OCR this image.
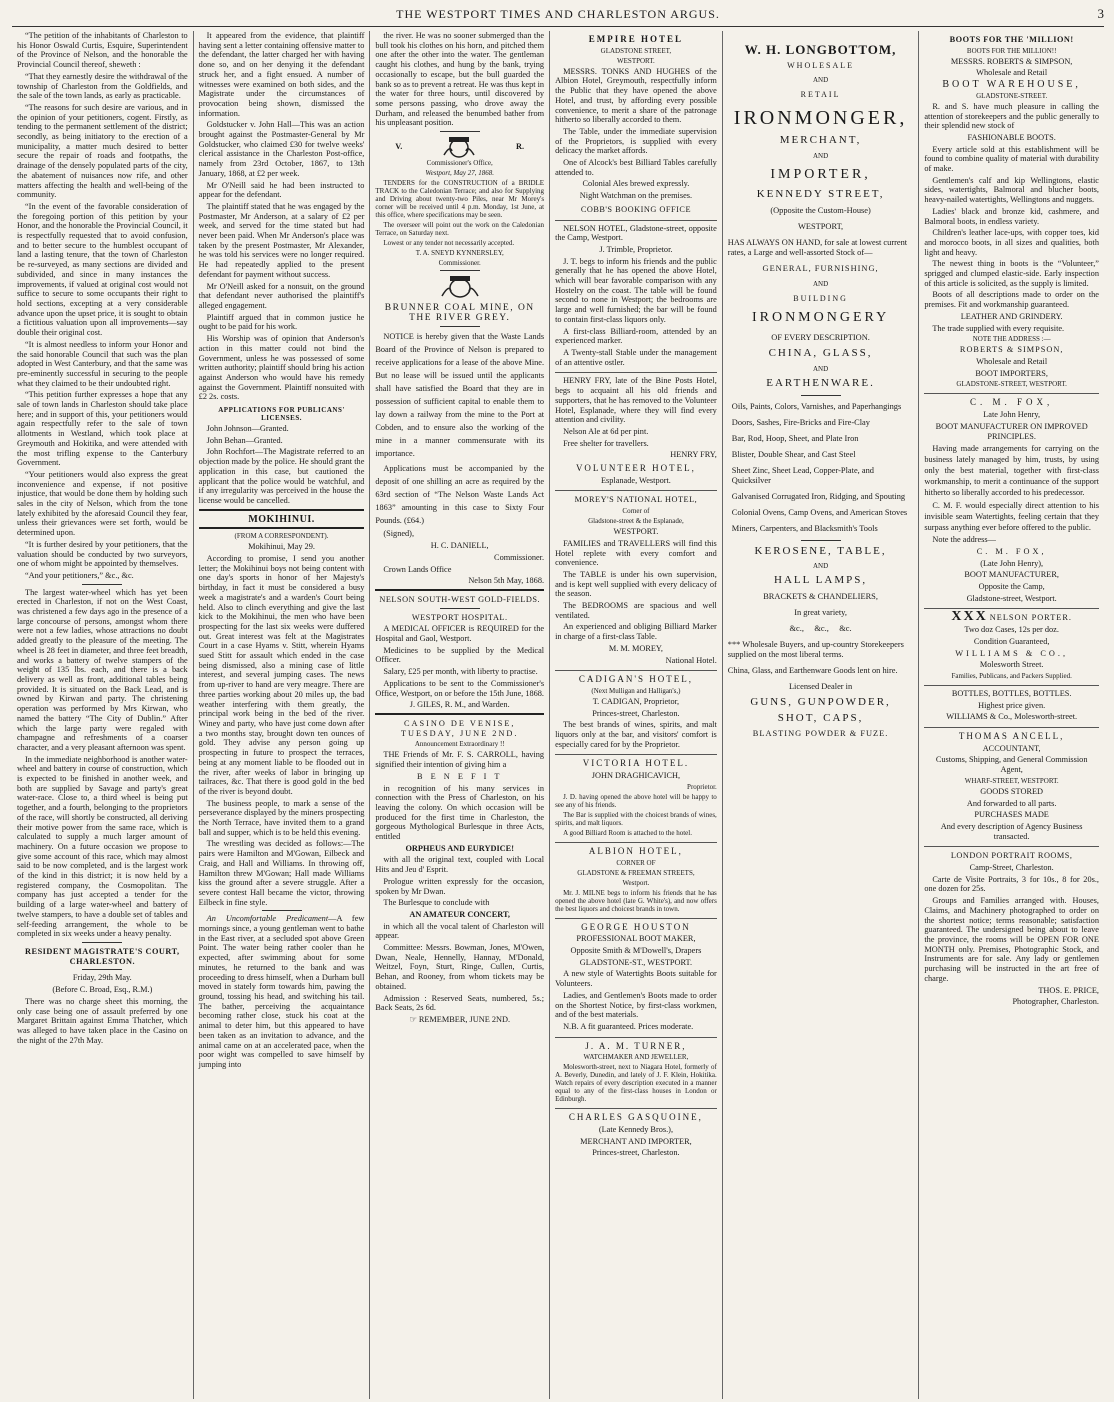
THE WESTPORT TIMES AND CHARLESTON ARGUS.	3

“The petition of the inhabitants of Charleston to his Honor Oswald Curtis, Esquire, Superintendent of the Province of Nelson, and the honorable the Provincial Council thereof, sheweth :

“That they earnestly desire the withdrawal of the township of Charleston from the Goldfields, and the sale of the town lands, as early as practicable.

“The reasons for such desire are various, and in the opinion of your petitioners, cogent. Firstly, as tending to the permanent settlement of the district; secondly, as being initiatory to the erection of a municipality, a matter much desired to better secure the repair of roads and footpaths, the drainage of the densely populated parts of the city, the abatement of nuisances now rife, and other matters affecting the health and well-being of the community.

“In the event of the favorable consideration of the foregoing portion of this petition by your Honor, and the honorable the Provincial Council, it is respectfully requested that to avoid confusion, and to better secure to the humblest occupant of land a lasting tenure, that the town of Charleston be re-surveyed, as many sections are divided and subdivided, and since in many instances the improvements, if valued at original cost would not suffice to secure to some occupants their right to hold sections, excepting at a very considerable advance upon the upset price, it is sought to obtain a fictitious valuation upon all improvements—say double their original cost.

“It is almost needless to inform your Honor and the said honorable Council that such was the plan adopted in West Canterbury, and that the same was pre-eminently successful in securing to the people what they claimed to be their undoubted right.

“This petition further expresses a hope that any sale of town lands in Charleston should take place here; and in support of this, your petitioners would again respectfully refer to the sale of town allotments in Westland, which took place at Greymouth and Hokitika, and were attended with the most trifling expense to the Canterbury Government.

“Your petitioners would also express the great inconvenience and expense, if not positive injustice, that would be done them by holding such sales in the city of Nelson, which from the tone lately exhibited by the aforesaid Council they fear, unless their grievances were set forth, would be determined upon.

“It is further desired by your petitioners, that the valuation should be conducted by two surveyors, one of whom might be appointed by themselves.

“And your petitioners,” &c., &c.

The largest water-wheel which has yet been erected in Charleston, if not on the West Coast, was christened a few days ago in the presence of a large concourse of persons, amongst whom there were not a few ladies, whose attractions no doubt added greatly to the pleasure of the meeting. The wheel is 28 feet in diameter, and three feet breadth, and works a battery of twelve stampers of the weight of 135 lbs. each, and there is a back delivery as well as front, additional tables being provided. It is situated on the Back Lead, and is owned by Kirwan and party. The christening operation was performed by Mrs Kirwan, who named the battery “The City of Dublin.” After which the large party were regaled with champagne and refreshments of a coarser character, and a very pleasant afternoon was spent.

In the immediate neighborhood is another water-wheel and battery in course of construction, which is expected to be finished in another week, and both are supplied by Savage and party's great water-race. Close to, a third wheel is being put together, and a fourth, belonging to the proprietors of the race, will shortly be constructed, all deriving their motive power from the same race, which is calculated to supply a much larger amount of machinery. On a future occasion we propose to give some account of this race, which may almost said to be now completed, and is the largest work of the kind in this district; it is now held by a registered company, the Cosmopolitan. The company has just accepted a tender for the building of a large water-wheel and battery of twelve stampers, to have a double set of tables and self-feeding arrangement, the whole to be completed in six weeks under a heavy penalty.

RESIDENT MAGISTRATE'S COURT, CHARLESTON.

Friday, 29th May.

(Before C. Broad, Esq., R.M.)

There was no charge sheet this morning, the only case being one of assault preferred by one Margaret Brittain against Emma Thatcher, which was alleged to have taken place in the Casino on the night of the 27th May.

It appeared from the evidence, that plaintiff having sent a letter containing offensive matter to the defendant, the latter charged her with having done so, and on her denying it the defendant struck her, and a fight ensued. A number of witnesses were examined on both sides, and the Magistrate under the circumstances of provocation being shown, dismissed the information.

Goldstucker v. John Hall—This was an action brought against the Postmaster-General by Mr Goldstucker, who claimed £30 for twelve weeks' clerical assistance in the Charleston Post-office, namely from 23rd October, 1867, to 13th January, 1868, at £2 per week.

Mr O'Neill said he had been instructed to appear for the defendant.

The plaintiff stated that he was engaged by the Postmaster, Mr Anderson, at a salary of £2 per week, and served for the time stated but had never been paid. When Mr Anderson's place was taken by the present Postmaster, Mr Alexander, he was told his services were no longer required. He had repeatedly applied to the present defendant for payment without success.

Mr O'Neill asked for a nonsuit, on the ground that defendant never authorised the plaintiff's alleged engagement.

Plaintiff argued that in common justice he ought to be paid for his work.

His Worship was of opinion that Anderson's action in this matter could not bind the Government, unless he was possessed of some written authority; plaintiff should bring his action against Anderson who would have his remedy against the Government. Plaintiff nonsuited with £2 2s. costs.

APPLICATIONS FOR PUBLICANS' LICENSES.

John Johnson—Granted.

John Behan—Granted.

John Rochfort—The Magistrate referred to an objection made by the police. He should grant the application in this case, but cautioned the applicant that the police would be watchful, and if any irregularity was perceived in the house the license would be cancelled.

MOKIHINUI.

(FROM A CORRESPONDENT).

Mokihinui, May 29.

According to promise, I send you another letter; the Mokihinui boys not being content with one day's sports in honor of her Majesty's birthday, in fact it must be considered a busy week a magistrate's and a warden's Court being held. Also to clinch everything and give the last kick to the Mokihinui, the men who have been prospecting for the last six weeks were duffered out. Great interest was felt at the Magistrates Court in a case Hyams v. Stitt, wherein Hyams sued Stitt for assault which ended in the case being dismissed, also a mining case of little interest, and several jumping cases. The news from up-river to hand are very meagre. There are three parties working about 20 miles up, the bad weather interfering with them greatly, the principal work being in the bed of the river. Winey and party, who have just come down after a two months stay, brought down ten ounces of gold. They advise any person going up prospecting in future to prospect the terraces, being at any moment liable to be flooded out in the river, after weeks of labor in bringing up tailraces, &c. That there is good gold in the bed of the river is beyond doubt.

The business people, to mark a sense of the perseverance displayed by the miners prospecting the North Terrace, have invited them to a grand ball and supper, which is to be held this evening.

The wrestling was decided as follows:—The pairs were Hamilton and M'Gowan, Eilbeck and Craig, and Hall and Williams. In throwing off, Hamilton threw M'Gowan; Hall made Williams kiss the ground after a severe struggle. After a severe contest Hall became the victor, throwing Eilbeck in fine style.

An Uncomfortable Predicament—A few mornings since, a young gentleman went to bathe in the East river, at a secluded spot above Green Point. The water being rather cooler than he expected, after swimming about for some minutes, he returned to the bank and was proceeding to dress himself, when a Durham bull moved in stately form towards him, pawing the ground, tossing his head, and switching his tail. The bather, perceiving the acquaintance becoming rather close, stuck his coat at the animal to deter him, but this appeared to have been taken as an invitation to advance, and the animal came on at an accelerated pace, when the poor wight was compelled to save himself by jumping into

the river. He was no sooner submerged than the bull took his clothes on his horn, and pitched them one after the other into the water. The gentleman caught his clothes, and hung by the bank, trying occasionally to escape, but the bull guarded the bank so as to prevent a retreat. He was thus kept in the water for three hours, until discovered by some persons passing, who drove away the Durham, and released the benumbed bather from his unpleasant position.

V.	R.

Commissioner's Office,

Westport, May 27, 1868.

TENDERS for the CONSTRUCTION of a BRIDLE TRACK to the Caledonian Terrace; and also for Supplying and Driving about twenty-two Piles, near Mr Morey's corner will be received until 4 p.m. Monday, 1st June, at this office, where specifications may be seen.

The overseer will point out the work on the Caledonian Terrace, on Saturday next.

Lowest or any tender not necessarily accepted.

T. A. SNEYD KYNNERSLEY,

Commissioner.

BRUNNER COAL MINE, ON THE RIVER GREY.

NOTICE is hereby given that the Waste Lands Board of the Province of Nelson is prepared to receive applications for a lease of the above Mine. But no lease will be issued until the applicants shall have satisfied the Board that they are in possession of sufficient capital to enable them to lay down a railway from the mine to the Port at Cobden, and to ensure also the working of the mine in a manner commensurate with its importance.

Applications must be accompanied by the deposit of one shilling an acre as required by the 63rd section of “The Nelson Waste Lands Act 1863” amounting in this case to Sixty Four Pounds. (£64.)

(Signed),

H. C. DANIELL,

Commissioner.

Crown Lands Office

Nelson 5th May, 1868.

NELSON SOUTH-WEST GOLD-FIELDS.
WESTPORT HOSPITAL.

A MEDICAL OFFICER is REQUIRED for the Hospital and Gaol, Westport.

Medicines to be supplied by the Medical Officer.

Salary, £25 per month, with liberty to practise.

Applications to be sent to the Commissioner's Office, Westport, on or before the 15th June, 1868.

J. GILES, R. M., and Warden.

CASINO DE VENISE, TUESDAY, JUNE 2ND.

Announcement Extraordinary !!

THE Friends of Mr. F. S. CARROLL, having signified their intention of giving him a

B E N E F I T

in recognition of his many services in connection with the Press of Charleston, on his leaving the colony. On which occasion will be produced for the first time in Charleston, the gorgeous Mythological Burlesque in three Acts, entitled

ORPHEUS AND EURYDICE!

with all the original text, coupled with Local Hits and Jeu d' Esprit.

Prologue written expressly for the occasion, spoken by Mr Dwan.

The Burlesque to conclude with

AN AMATEUR CONCERT,

in which all the vocal talent of Charleston will appear.

Committee: Messrs. Bowman, Jones, M'Owen, Dwan, Neale, Hennelly, Hannay, M'Donald, Weitzel, Foyn, Sturt, Ringe, Cullen, Curtis, Behan, and Rooney, from whom tickets may be obtained.

Admission : Reserved Seats, numbered, 5s.; Back Seats, 2s 6d.

☞ REMEMBER, JUNE 2ND.

EMPIRE HOTEL

GLADSTONE STREET,

WESTPORT.

MESSRS. TONKS AND HUGHES of the Albion Hotel, Greymouth, respectfully inform the Public that they have opened the above Hotel, and trust, by affording every possible convenience, to merit a share of the patronage hitherto so liberally accorded to them.

The Table, under the immediate supervision of the Proprietors, is supplied with every delicacy the market affords.

One of Alcock's best Billiard Tables carefully attended to.

Colonial Ales brewed expressly.

Night Watchman on the premises.

COBB'S BOOKING OFFICE

NELSON HOTEL, Gladstone-street, opposite the Camp, Westport.

J. Trimble, Proprietor.

J. T. begs to inform his friends and the public generally that he has opened the above Hotel, which will bear favorable comparison with any Hostelry on the coast. The table will be found second to none in Westport; the bedrooms are large and well furnished; the bar will be found to contain first-class liquors only.

A first-class Billiard-room, attended by an experienced marker.

A Twenty-stall Stable under the management of an attentive ostler.

HENRY FRY, late of the Bine Posts Hotel, begs to acquaint all his old friends and supporters, that he has removed to the Volunteer Hotel, Esplanade, where they will find every attention and civility.

Nelson Ale at 6d per pint.

Free shelter for travellers.

HENRY FRY,

VOLUNTEER HOTEL,

Esplanade, Westport.

MOREY'S NATIONAL HOTEL,

Corner of

Gladstone-street & the Esplanade,

WESTPORT.

FAMILIES and TRAVELLERS will find this Hotel replete with every comfort and convenience.

The TABLE is under his own supervision, and is kept well supplied with every delicacy of the season.

The BEDROOMS are spacious and well ventilated.

An experienced and obliging Billiard Marker in charge of a first-class Table.

M. M. MOREY,

National Hotel.

CADIGAN'S HOTEL,

(Next Mulligan and Halligan's,)

T. CADIGAN, Proprietor,

Princes-street, Charleston.

The best brands of wines, spirits, and malt liquors only at the bar, and visitors' comfort is especially cared for by the Proprietor.

VICTORIA HOTEL.

JOHN DRAGHICAVICH,

Proprietor.

J. D. having opened the above hotel will be happy to see any of his friends.

The Bar is supplied with the choicest brands of wines, spirits, and malt liquors.

A good Billiard Room is attached to the hotel.

ALBION HOTEL,

CORNER OF

GLADSTONE & FREEMAN STREETS,

Westport.

Mr. J. MILNE begs to inform his friends that he has opened the above hotel (late G. White's), and now offers the best liquors and choicest brands in town.

GEORGE HOUSTON

PROFESSIONAL BOOT MAKER,

Opposite Smith & M'Dowell's, Drapers

GLADSTONE-ST., WESTPORT.

A new style of Watertights Boots suitable for Volunteers.

Ladies, and Gentlemen's Boots made to order on the Shortest Notice, by first-class workmen, and of the best materials.

N.B. A fit guaranteed. Prices moderate.

J. A. M. TURNER,

WATCHMAKER AND JEWELLER,

Molesworth-street, next to Niagara Hotel, formerly of A. Beverly, Dunedin, and lately of J. F. Klein, Hokitika. Watch repairs of every description executed in a manner equal to any of the first-class houses in London or Edinburgh.

CHARLES GASQUOINE,

(Late Kennedy Bros.),

MERCHANT AND IMPORTER,

Princes-street, Charleston.

W. H. LONGBOTTOM,
WHOLESALE
AND
RETAIL
IRONMONGER,
MERCHANT,
AND
IMPORTER,
KENNEDY STREET,
(Opposite the Custom-House)
WESTPORT,
HAS ALWAYS ON HAND, for sale at lowest current rates, a Large and well-assorted Stock of—
GENERAL, FURNISHING,
AND
BUILDING
IRONMONGERY
OF EVERY DESCRIPTION.
CHINA, GLASS,
AND
EARTHENWARE.
Oils, Paints, Colors, Varnishes, and Paperhangings
Doors, Sashes, Fire-Bricks and Fire-Clay
Bar, Rod, Hoop, Sheet, and Plate Iron
Blister, Double Shear, and Cast Steel
Sheet Zinc, Sheet Lead, Copper-Plate, and Quicksilver
Galvanised Corrugated Iron, Ridging, and Spouting
Colonial Ovens, Camp Ovens, and American Stoves
Miners, Carpenters, and Blacksmith's Tools
KEROSENE, TABLE,
AND
HALL LAMPS,
BRACKETS & CHANDELIERS,
In great variety,
&c.,     &c.,     &c.
*** Wholesale Buyers, and up-country Storekeepers supplied on the most liberal terms.
China, Glass, and Earthenware Goods lent on hire.
Licensed Dealer in
GUNS, GUNPOWDER,
SHOT, CAPS,
BLASTING POWDER & FUZE.
BOOTS FOR THE 'MILLION!

BOOTS FOR THE MILLION!!

MESSRS. ROBERTS & SIMPSON,

Wholesale and Retail

BOOT WAREHOUSE,

GLADSTONE-STREET.

R. and S. have much pleasure in calling the attention of storekeepers and the public generally to their splendid new stock of

FASHIONABLE BOOTS.

Every article sold at this establishment will be found to combine quality of material with durability of make.

Gentlemen's calf and kip Wellingtons, elastic sides, watertights, Balmoral and blucher boots, heavy-nailed watertights, Wellingtons and nuggets.

Ladies' black and bronze kid, cashmere, and Balmoral boots, in endless variety.

Children's leather lace-ups, with copper toes, kid and morocco boots, in all sizes and qualities, both light and heavy.

The newest thing in boots is the “Volunteer,” sprigged and clumped elastic-side. Early inspection of this article is solicited, as the supply is limited.

Boots of all descriptions made to order on the premises. Fit and workmanship guaranteed.

LEATHER AND GRINDERY.

The trade supplied with every requisite.

NOTE THE ADDRESS :—

ROBERTS & SIMPSON,

Wholesale and Retail

BOOT IMPORTERS,

GLADSTONE-STREET, WESTPORT.

C. M. FOX,

Late John Henry,

BOOT MANUFACTURER ON IMPROVED PRINCIPLES.

Having made arrangements for carrying on the business lately managed by him, trusts, by using only the best material, together with first-class workmanship, to merit a continuance of the support hitherto so liberally accorded to his predecessor.

C. M. F. would especially direct attention to his invisible seam Watertights, feeling certain that they surpass anything ever before offered to the public.

Note the address—

C. M. FOX,

(Late John Henry),

BOOT MANUFACTURER,

Opposite the Camp,

Gladstone-street, Westport.

XXX NELSON PORTER.

Two doz Cases, 12s per doz.

Condition Guaranteed,

WILLIAMS & CO.,

Molesworth Street.

Families, Publicans, and Packers Supplied.

BOTTLES, BOTTLES, BOTTLES.

Highest price given.

WILLIAMS & Co., Molesworth-street.

THOMAS ANCELL,

ACCOUNTANT,

Customs, Shipping, and General Commission Agent,

WHARF-STREET, WESTPORT.

GOODS STORED

And forwarded to all parts.

PURCHASES MADE

And every description of Agency Business transacted.

LONDON PORTRAIT ROOMS,

Camp-Street, Charleston.

Carte de Visite Portraits, 3 for 10s., 8 for 20s., one dozen for 25s.

Groups and Families arranged with. Houses, Claims, and Machinery photographed to order on the shortest notice; terms reasonable; satisfaction guaranteed. The undersigned being about to leave the province, the rooms will be OPEN FOR ONE MONTH only. Premises, Photographic Stock, and Instruments are for sale. Any lady or gentlemen purchasing will be instructed in the art free of charge.

THOS. E. PRICE,

Photographer, Charleston.
